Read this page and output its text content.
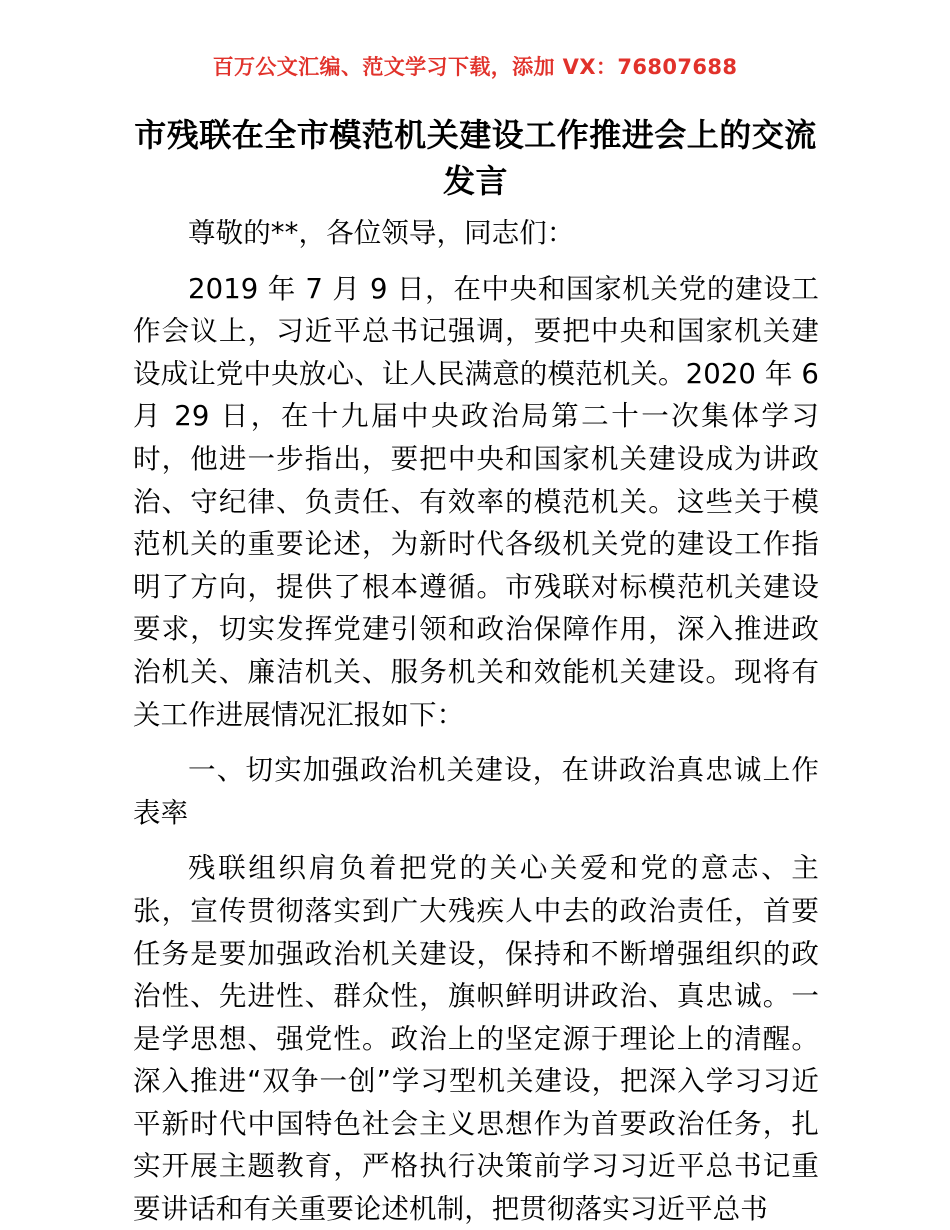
百万公文汇编、范文学习下载，添加 VX：76807688
市残联在全市模范机关建设工作推进会上的交流发言

尊敬的**，各位领导，同志们：

2019 年 7 月 9 日，在中央和国家机关党的建设工作会议上，习近平总书记强调，要把中央和国家机关建设成让党中央放心、让人民满意的模范机关。2020 年 6 月 29 日，在十九届中央政治局第二十一次集体学习时，他进一步指出，要把中央和国家机关建设成为讲政治、守纪律、负责任、有效率的模范机关。这些关于模范机关的重要论述，为新时代各级机关党的建设工作指明了方向，提供了根本遵循。市残联对标模范机关建设要求，切实发挥党建引领和政治保障作用，深入推进政治机关、廉洁机关、服务机关和效能机关建设。现将有关工作进展情况汇报如下：

一、切实加强政治机关建设，在讲政治真忠诚上作表率

残联组织肩负着把党的关心关爱和党的意志、主张，宣传贯彻落实到广大残疾人中去的政治责任，首要任务是要加强政治机关建设，保持和不断增强组织的政治性、先进性、群众性，旗帜鲜明讲政治、真忠诚。一是学思想、强党性。政治上的坚定源于理论上的清醒。深入推进“双争一创”学习型机关建设，把深入学习习近平新时代中国特色社会主义思想作为首要政治任务，扎实开展主题教育，严格执行决策前学习习近平总书记重要讲话和有关重要论述机制，把贯彻落实习近平总书
